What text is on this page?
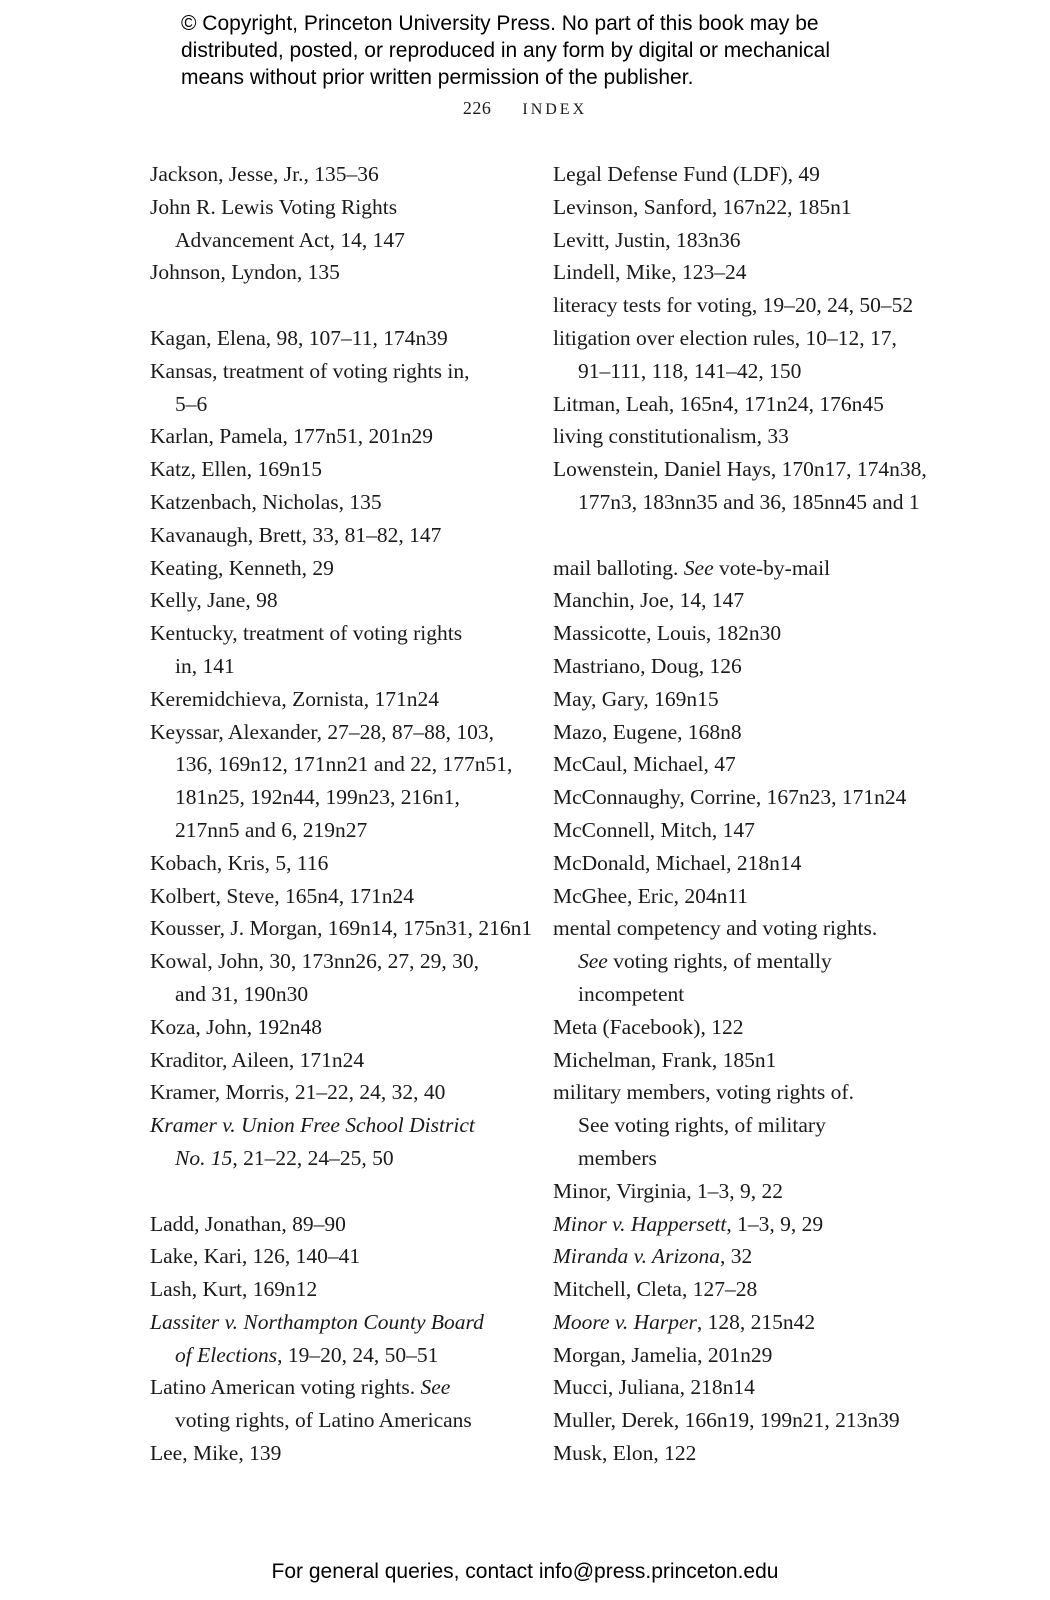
© Copyright, Princeton University Press. No part of this book may be
distributed, posted, or reproduced in any form by digital or mechanical
means without prior written permission of the publisher.
226 INDEX
Jackson, Jesse, Jr., 135–36
John R. Lewis Voting Rights
Advancement Act, 14, 147
Johnson, Lyndon, 135
Kagan, Elena, 98, 107–11, 174n39
Kansas, treatment of voting rights in,
5–6
Karlan, Pamela, 177n51, 201n29
Katz, Ellen, 169n15
Katzenbach, Nicholas, 135
Kavanaugh, Brett, 33, 81–82, 147
Keating, Kenneth, 29
Kelly, Jane, 98
Kentucky, treatment of voting rights
in, 141
Keremidchieva, Zornista, 171n24
Keyssar, Alexander, 27–28, 87–88, 103,
136, 169n12, 171nn21 and 22, 177n51,
181n25, 192n44, 199n23, 216n1,
217nn5 and 6, 219n27
Kobach, Kris, 5, 116
Kolbert, Steve, 165n4, 171n24
Kousser, J. Morgan, 169n14, 175n31, 216n1
Kowal, John, 30, 173nn26, 27, 29, 30,
and 31, 190n30
Koza, John, 192n48
Kraditor, Aileen, 171n24
Kramer, Morris, 21–22, 24, 32, 40
Kramer v. Union Free School District
No. 15, 21–22, 24–25, 50
Ladd, Jonathan, 89–90
Lake, Kari, 126, 140–41
Lash, Kurt, 169n12
Lassiter v. Northampton County Board
of Elections, 19–20, 24, 50–51
Latino American voting rights. See
voting rights, of Latino Americans
Lee, Mike, 139
Legal Defense Fund (LDF), 49
Levinson, Sanford, 167n22, 185n1
Levitt, Justin, 183n36
Lindell, Mike, 123–24
literacy tests for voting, 19–20, 24, 50–52
litigation over election rules, 10–12, 17,
91–111, 118, 141–42, 150
Litman, Leah, 165n4, 171n24, 176n45
living constitutionalism, 33
Lowenstein, Daniel Hays, 170n17, 174n38,
177n3, 183nn35 and 36, 185nn45 and 1
mail balloting. See vote-by-mail
Manchin, Joe, 14, 147
Massicotte, Louis, 182n30
Mastriano, Doug, 126
May, Gary, 169n15
Mazo, Eugene, 168n8
McCaul, Michael, 47
McConnaughy, Corrine, 167n23, 171n24
McConnell, Mitch, 147
McDonald, Michael, 218n14
McGhee, Eric, 204n11
mental competency and voting rights.
See voting rights, of mentally
incompetent
Meta (Facebook), 122
Michelman, Frank, 185n1
military members, voting rights of.
See voting rights, of military
members
Minor, Virginia, 1–3, 9, 22
Minor v. Happersett, 1–3, 9, 29
Miranda v. Arizona, 32
Mitchell, Cleta, 127–28
Moore v. Harper, 128, 215n42
Morgan, Jamelia, 201n29
Mucci, Juliana, 218n14
Muller, Derek, 166n19, 199n21, 213n39
Musk, Elon, 122
For general queries, contact info@press.princeton.edu
